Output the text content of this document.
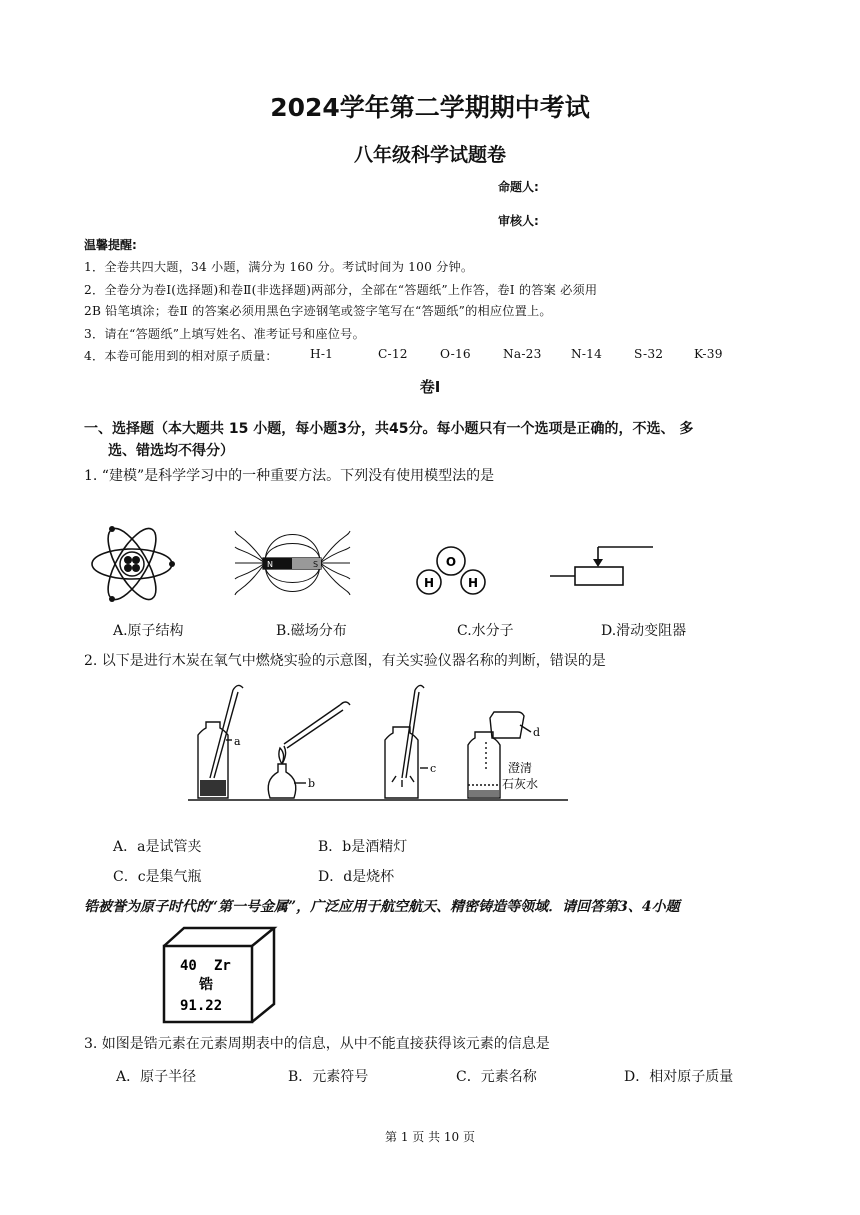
2024学年第二学期期中考试
八年级科学试题卷
命题人:
审核人:
温馨提醒:
1．全卷共四大题，34 小题，满分为 160 分。考试时间为 100 分钟。
2．全卷分为卷Ⅰ(选择题)和卷Ⅱ(非选择题)两部分，全部在“答题纸”上作答，卷Ⅰ 的答案 必须用
2B 铅笔填涂；卷Ⅱ 的答案必须用黑色字迹钢笔或签字笔写在“答题纸”的相应位置上。
3．请在“答题纸”上填写姓名、准考证号和座位号。
4．本卷可能用到的相对原子质量：	H-1	C-12	O-16	Na-23 N-14	S-32	K-39
卷I
一、选择题（本大题共 15 小题，每小题3分，共45分。每小题只有一个选项是正确的，不选、 多
选、错选均不得分）
1. “建模”是科学学习中的一种重要方法。下列没有使用模型法的是
N	S	O
H	H
A.原子结构	B.磁场分布	C.水分子	D.滑动变阻器
2. 以下是进行木炭在氧气中燃烧实验的示意图，有关实验仪器名称的判断，错误的是
a
b
c
d
澄清
石灰水
A．a是试管夹	B．b是酒精灯
C．c是集气瓶	D．d是烧杯
锆被誉为原子时代的“第一号金属”，广泛应用于航空航天、精密铸造等领域．请回答第3、4小题
40 Zr
锆
91.22
3. 如图是锆元素在元素周期表中的信息，从中不能直接获得该元素的信息是
A．原子半径	B．元素符号	C．元素名称	D．相对原子质量
第 1 页 共 10 页
